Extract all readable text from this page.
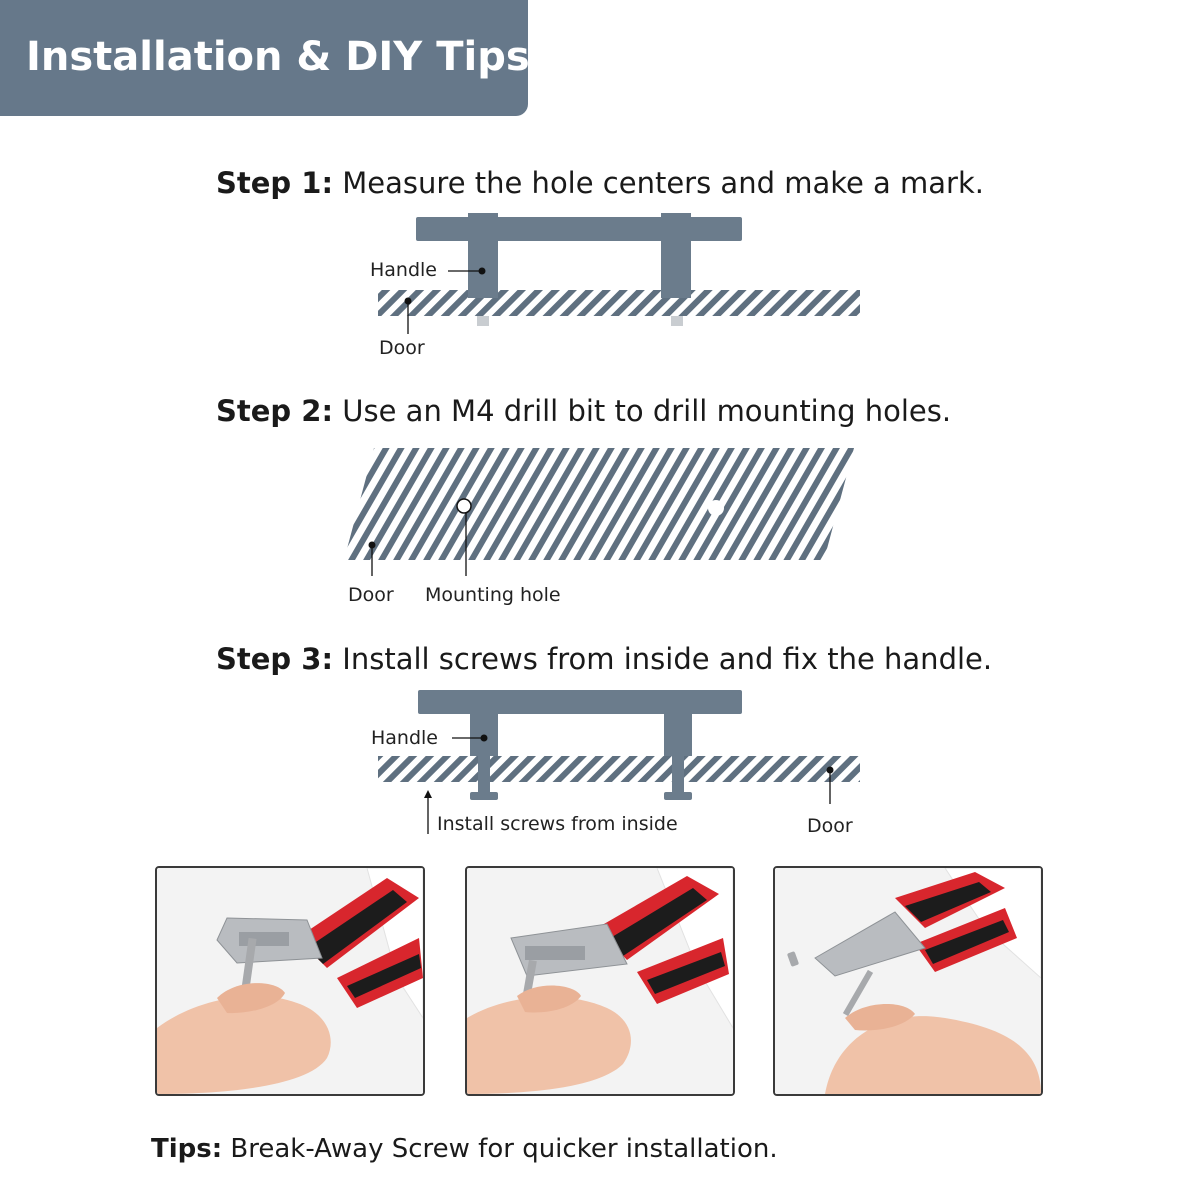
Installation & DIY Tips
Step 1: Measure the hole centers and make a mark.
Handle
Door
Step 2: Use an M4 drill bit to drill mounting holes.
Door Mounting hole
Step 3: Install screws from inside and fix the handle.
Handle
Install screws from inside	Door
Tips: Break-Away Screw for quicker installation.
